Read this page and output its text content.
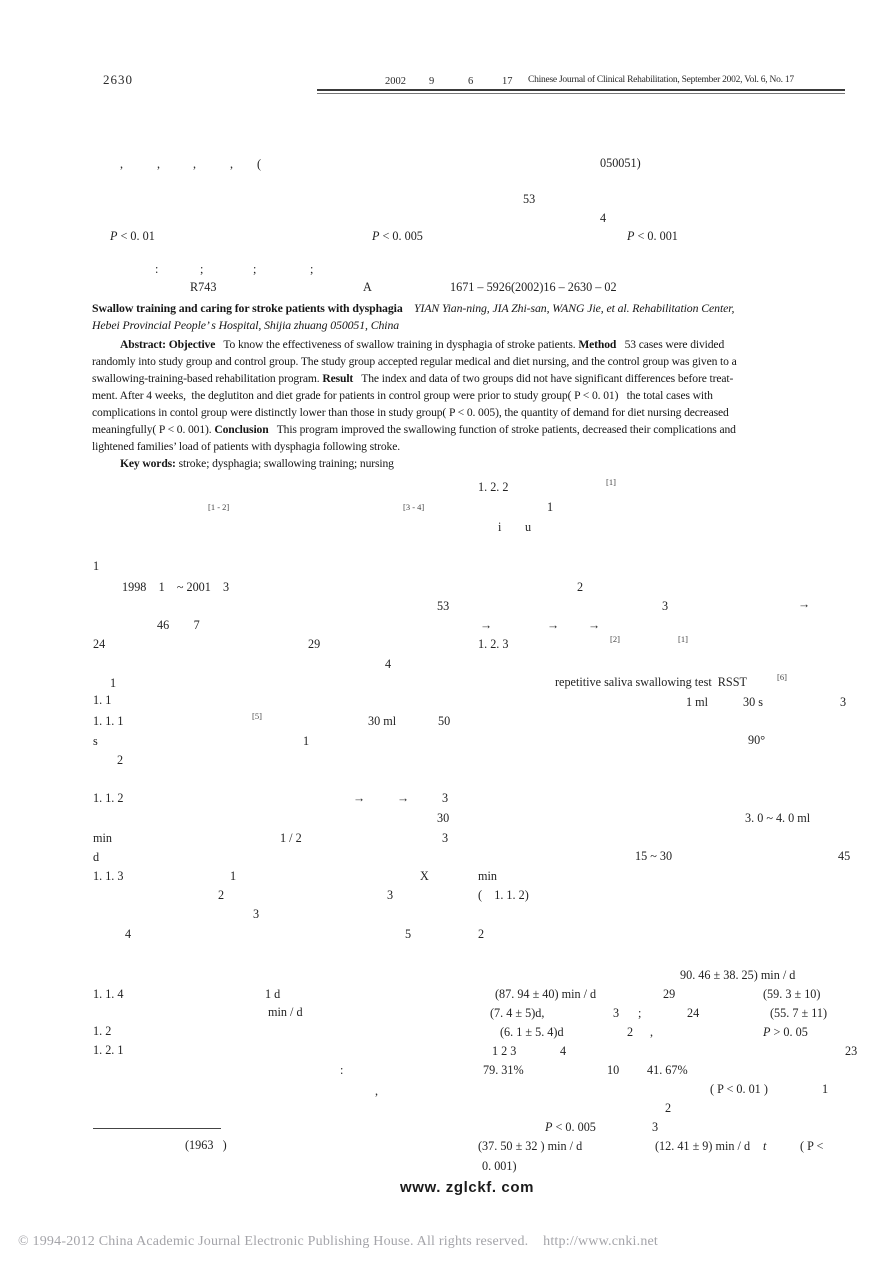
2630	2002 9	6	17 Chinese Journal of Clinical Rehabilitation, September 2002, Vol. 6, No. 17
,	,	,	, (	050051)
53
4
P < 0. 01	P < 0. 005	P < 0. 001
:	;	;	;
R743	A	1671 – 5926(2002)16 – 2630 – 02
[1 - 2]	[3 - 4]
1
1998    1    ~ 2001    3
53
46        7
24	29
4
1
1. 1
1. 1. 1	[5]	30 ml	50
s	1
2
1. 1. 2	→	→	3
30
min	1 / 2	3
d
1. 1. 3	1	X
2	3
3
4	5
1. 1. 4	1 d
min / d
1. 2
1. 2. 1
:
,
(1963   )
1. 2. 2	[1]
1
i u
2
3	→
→	→ →
1. 2. 3	[2]	[1]
repetitive saliva swallowing test  RSST	[6]
1 ml	30 s	3
90°
3. 0 ~ 4. 0 ml
15 ~ 30	45
min
(    1. 1. 2)
2
90. 46 ± 38. 25) min / d
(87. 94 ± 40) min / d	29	(59. 3 ± 10)
(7. 4 ± 5)d,	3 ;	24	(55. 7 ± 11)
(6. 1 ± 5. 4)d	2 ,	P > 0. 05
1 2 3	4	23
79. 31%	10 41. 67%
( P < 0. 01 )	1
2
P < 0. 005	3
(37. 50 ± 32 ) min / d	(12. 41 ± 9) min / d t	( P <
0. 001)
Swallow training and caring for stroke patients with dysphagia YIAN Yian-ning, JIA Zhi-san, WANG Jie, et al. Rehabilitation Center,
Hebei Provincial People’ s Hospital, Shijia zhuang 050051, China
Abstract: Objective   To know the effectiveness of swallow training in dysphagia of stroke patients. Method   53 cases were divided
randomly into study group and control group. The study group accepted regular medical and diet nursing, and the control group was given to a
swallowing-training-based rehabilitation program. Result   The index and data of two groups did not have significant differences before treat-
ment. After 4 weeks,  the deglutiton and diet grade for patients in control group were prior to study group( P < 0. 01)   the total cases with
complications in contol group were distinctly lower than those in study group( P < 0. 005), the quantity of demand for diet nursing decreased
meaningfully( P < 0. 001). Conclusion   This program improved the swallowing function of stroke patients, decreased their complications and
lightened families’ load of patients with dysphagia following stroke.
Key words: stroke; dysphagia; swallowing training; nursing
www. zglckf. com
© 1994-2012 China Academic Journal Electronic Publishing House. All rights reserved.    http://www.cnki.net
